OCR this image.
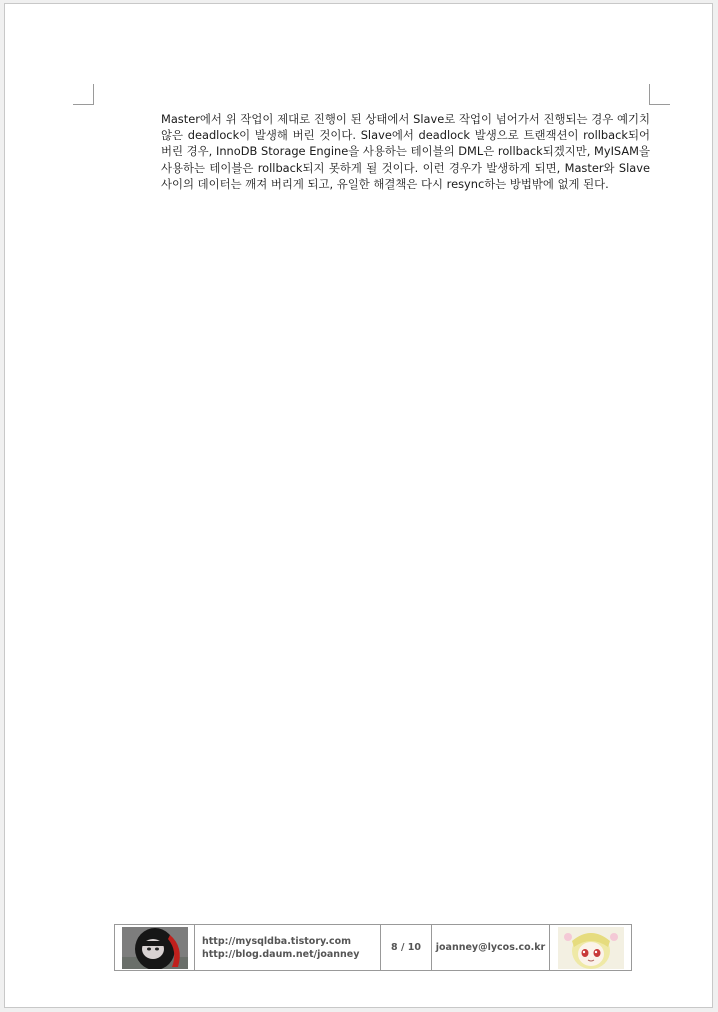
Master에서 위 작업이 제대로 진행이 된 상태에서 Slave로 작업이 넘어가서 진행되는 경우 예기치 않은 deadlock이 발생해 버린 것이다. Slave에서 deadlock 발생으로 트랜잭션이 rollback되어 버린 경우, InnoDB Storage Engine을 사용하는 테이블의 DML은 rollback되겠지만, MyISAM을 사용하는 테이블은 rollback되지 못하게 될 것이다. 이런 경우가 발생하게 되면, Master와 Slave 사이의 데이터는 깨져 버리게 되고, 유일한 해결책은 다시 resync하는 방법밖에 없게 된다.

http://mysqldba.tistory.com
http://blog.daum.net/joanney
8 / 10	joanney@lycos.co.kr
